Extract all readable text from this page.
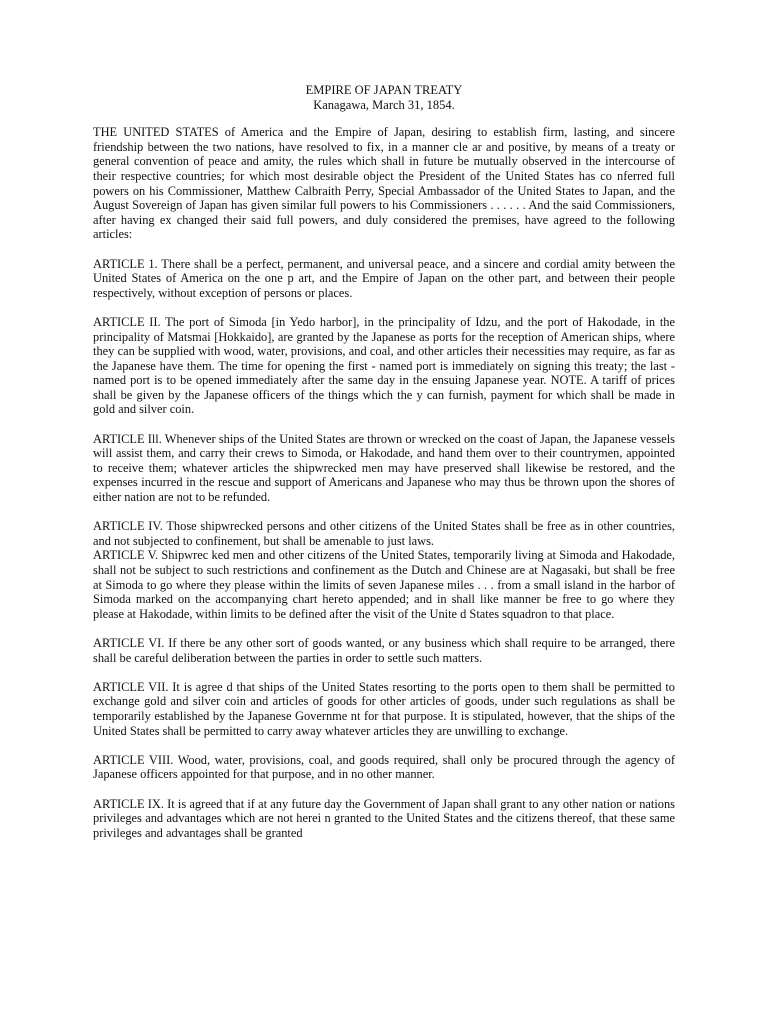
EMPIRE OF JAPAN TREATY
Kanagawa, March 31, 1854.

THE UNITED STATES of America and the Empire of Japan, desiring to establish firm, lasting, and sincere friendship between the two nations, have resolved to fix, in a manner cle ar and positive, by means of a treaty or general convention of peace and amity, the rules which shall in future be mutually observed in the intercourse of their respective countries; for which most desirable object the President of the United States has co nferred full powers on his Commissioner, Matthew Calbraith Perry, Special Ambassador of the United States to Japan, and the August Sovereign of Japan has given similar full powers to his Commissioners . . . . . . And the said Commissioners, after having ex changed their said full powers, and duly considered the premises, have agreed to the following articles:

ARTICLE 1. There shall be a perfect, permanent, and universal peace, and a sincere and cordial amity between the United States of America on the one p art, and the Empire of Japan on the other part, and between their people respectively, without exception of persons or places.

ARTICLE II. The port of Simoda [in Yedo harbor], in the principality of Idzu, and the port of Hakodade, in the principality of Matsmai [Hokkaido], are granted by the Japanese as ports for the reception of American ships, where they can be supplied with wood, water, provisions, and coal, and other articles their necessities may require, as far as the Japanese have them. The time for opening the first - named port is immediately on signing this treaty; the last - named port is to be opened immediately after the same day in the ensuing Japanese year. NOTE. A tariff of prices shall be given by the Japanese officers of the things which the y can furnish, payment for which shall be made in gold and silver coin.

ARTICLE Ill. Whenever ships of the United States are thrown or wrecked on the coast of Japan, the Japanese vessels will assist them, and carry their crews to Simoda, or Hakodade, and hand them over to their countrymen, appointed to receive them; whatever articles the shipwrecked men may have preserved shall likewise be restored, and the expenses incurred in the rescue and support of Americans and Japanese who may thus be thrown upon the shores of either nation are not to be refunded.

ARTICLE IV. Those shipwrecked persons and other citizens of the United States shall be free as in other countries, and not subjected to confinement, but shall be amenable to just laws.

ARTICLE V. Shipwrec ked men and other citizens of the United States, temporarily living at Simoda and Hakodade, shall not be subject to such restrictions and confinement as the Dutch and Chinese are at Nagasaki, but shall be free at Simoda to go where they please within the limits of seven Japanese miles . . . from a small island in the harbor of Simoda marked on the accompanying chart hereto appended; and in shall like manner be free to go where they please at Hakodade, within limits to be defined after the visit of the Unite d States squadron to that place.

ARTICLE VI. If there be any other sort of goods wanted, or any business which shall require to be arranged, there shall be careful deliberation between the parties in order to settle such matters.

ARTICLE VII. It is agree d that ships of the United States resorting to the ports open to them shall be permitted to exchange gold and silver coin and articles of goods for other articles of goods, under such regulations as shall be temporarily established by the Japanese Governme nt for that purpose. It is stipulated, however, that the ships of the United States shall be permitted to carry away whatever articles they are unwilling to exchange.

ARTICLE VIII. Wood, water, provisions, coal, and goods required, shall only be procured through the agency of Japanese officers appointed for that purpose, and in no other manner.

ARTICLE IX. It is agreed that if at any future day the Government of Japan shall grant to any other nation or nations privileges and advantages which are not herei n granted to the United States and the citizens thereof, that these same privileges and advantages shall be granted
